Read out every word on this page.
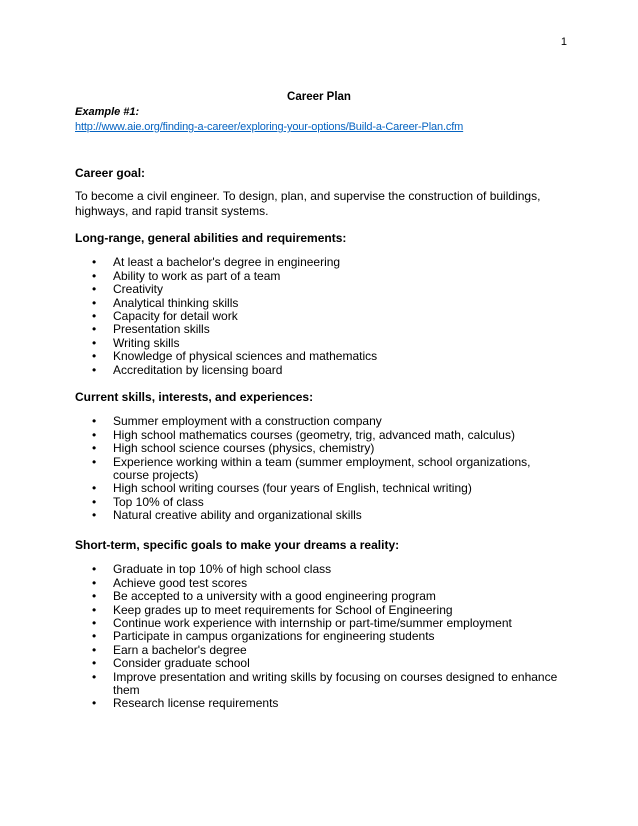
1
Career Plan
Example #1:
http://www.aie.org/finding-a-career/exploring-your-options/Build-a-Career-Plan.cfm

Career goal:

To become a civil engineer. To design, plan, and supervise the construction of buildings, highways, and rapid transit systems.

Long-range, general abilities and requirements:

• At least a bachelor's degree in engineering
• Ability to work as part of a team
• Creativity
• Analytical thinking skills
• Capacity for detail work
• Presentation skills
• Writing skills
• Knowledge of physical sciences and mathematics
• Accreditation by licensing board

Current skills, interests, and experiences:

• Summer employment with a construction company
• High school mathematics courses (geometry, trig, advanced math, calculus)
• High school science courses (physics, chemistry)
• Experience working within a team (summer employment, school organizations, course projects)
• High school writing courses (four years of English, technical writing)
• Top 10% of class
• Natural creative ability and organizational skills

Short-term, specific goals to make your dreams a reality:

• Graduate in top 10% of high school class
• Achieve good test scores
• Be accepted to a university with a good engineering program
• Keep grades up to meet requirements for School of Engineering
• Continue work experience with internship or part-time/summer employment
• Participate in campus organizations for engineering students
• Earn a bachelor's degree
• Consider graduate school
• Improve presentation and writing skills by focusing on courses designed to enhance them
• Research license requirements
